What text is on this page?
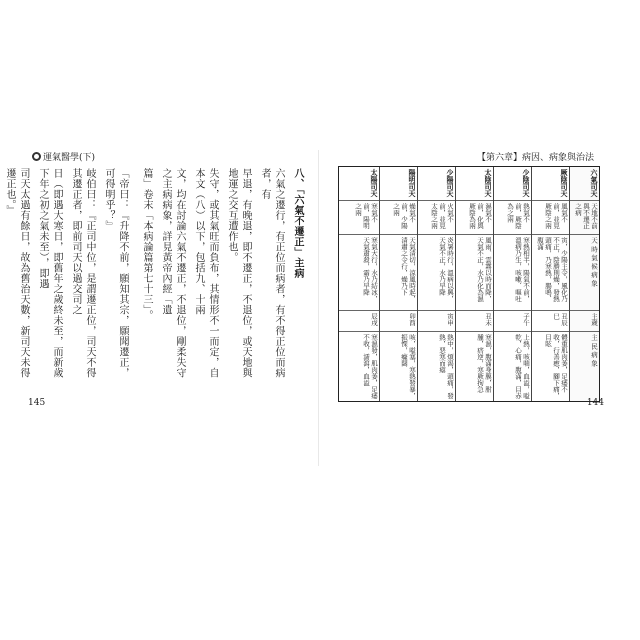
運氣醫學(下)
八、「六氣不遷正」主病
六氣之遷行，有正位而病者，有不得正位而病者，有
早退，有晚退，即不遷正，不退位，或天地與地運之交互遭作也。
失守，或其氣旺而負布，其情形不一而定，自本文（八）以下，包括九、十兩
文，均在討論六氣不遷正，不退位，剛柔失守之主病病象，詳見黃帝內經「遺
篇」卷末「本病論篇第七十三」。
「帝曰：『升降不前，願知其宗，願聞遷正，可得明乎？』
岐伯曰：『正司中位，是謂遷正位，司天不得其遷正者，即前司天以過交司之
日（即遇大寒日，即舊年之歲終未至，而新歲下年之初之氣未至），即遇
司天太過有餘日，故為舊治天數，新司天未得遷正也。』
145
【第六章】病因、病象與治法
六氣司天
天地不前與不遷正之病
天 時 氣 候 病 象
主歲
主 民 病 象
厥陰司天
風氣不前，並見厥陰之兩
寅，少陽主令，風化乃不正，陰勝則燥，發熱頭痛，乃寒熱，腸鳴、腹滿
丑辰巳
體重肌肉萎，足痿不收，行善瘛，腳下痛，目眩
少陰司天
熱氣不前，厥陰為之兩
寒熱相半，陽氣不前，溫病乃生，咳嗽、嘔吐
子午
上熱，咳喘，血溢，嗌乾，心痛，腹滿，目赤
太陰司天
濕氣不前，化與厥陰為兩
風雨、雲霧以時而降，天氣不正，水乃化為濕
丑未
寒濕，腹滿身膜，胕腫，痞逆，寒厥拘急
少陽司天
火氣不前，並見太陰之兩
炎暑時行，溫病以興，天氣不正，水乃早降
寅申
熱中，煩渴，頭痛，發熱，惡寒而瘧
陽明司天
燥氣不前，少陽之兩
天氣清切，涼風時起，清肅之令行，燥乃下
卯酉
咳，嗌塞，寒熱發暴，振慄，癃閟
太陽司天
寒氣不前，陽明之兩
寒氣大行，水乃結冰，天氣肅殺，霜乃早降
辰戌
寒濕發，肌肉萎，足痿不收，濡瀉，血溢
144
